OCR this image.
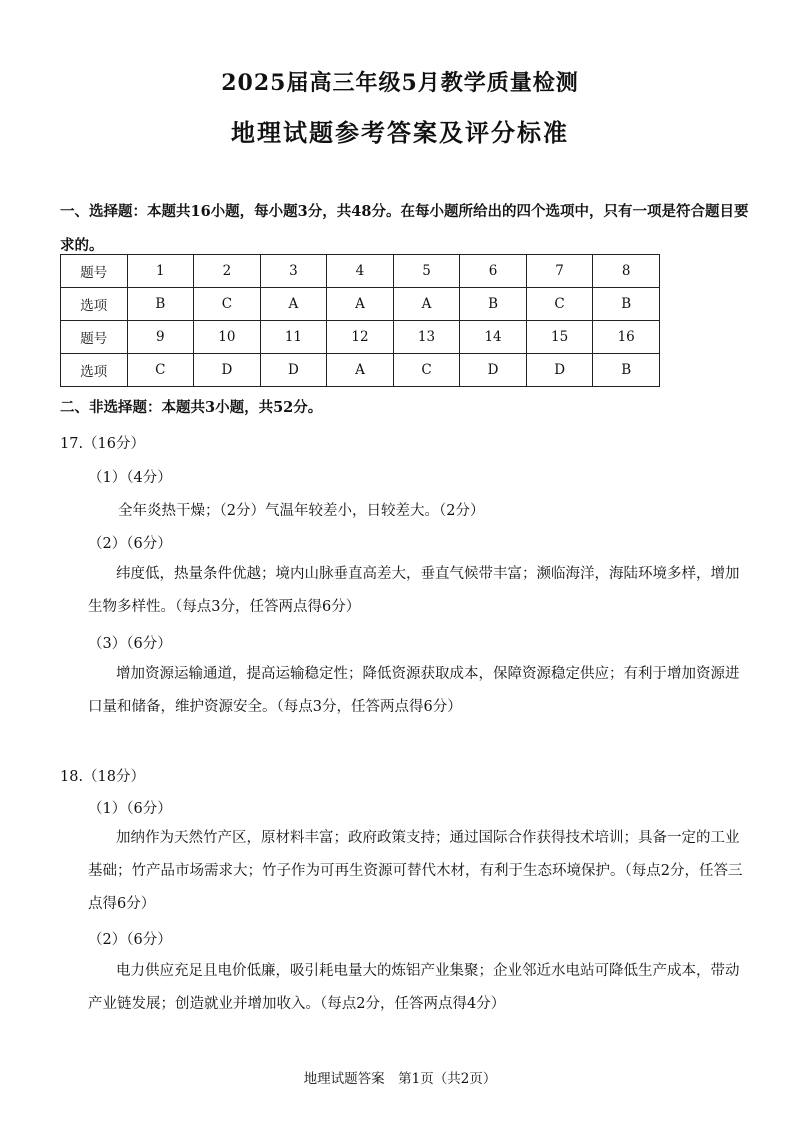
2025届高三年级5月教学质量检测
地理试题参考答案及评分标准
一、选择题：本题共16小题，每小题3分，共48分。在每小题所给出的四个选项中，只有一项是符合题目要求的。
题号	1	2	3	4	5	6	7	8
选项	B	C	A	A	A	B	C	B
题号	9	10	11	12	13	14	15	16
选项	C	D	D	A	C	D	D	B
二、非选择题：本题共3小题，共52分。
17.（16分）
（1）（4分）
全年炎热干燥；（2分）气温年较差小，日较差大。（2分）
（2）（6分）
纬度低，热量条件优越；境内山脉垂直高差大，垂直气候带丰富；濒临海洋，海陆环境多样，增加生物多样性。（每点3分，任答两点得6分）
（3）（6分）
增加资源运输通道，提高运输稳定性；降低资源获取成本，保障资源稳定供应；有利于增加资源进口量和储备，维护资源安全。（每点3分，任答两点得6分）
18.（18分）
（1）（6分）
加纳作为天然竹产区，原材料丰富；政府政策支持；通过国际合作获得技术培训；具备一定的工业基础；竹产品市场需求大；竹子作为可再生资源可替代木材，有利于生态环境保护。（每点2分，任答三点得6分）
（2）（6分）
电力供应充足且电价低廉，吸引耗电量大的炼铝产业集聚；企业邻近水电站可降低生产成本，带动产业链发展；创造就业并增加收入。（每点2分，任答两点得4分）
地理试题答案　第1页（共2页）
